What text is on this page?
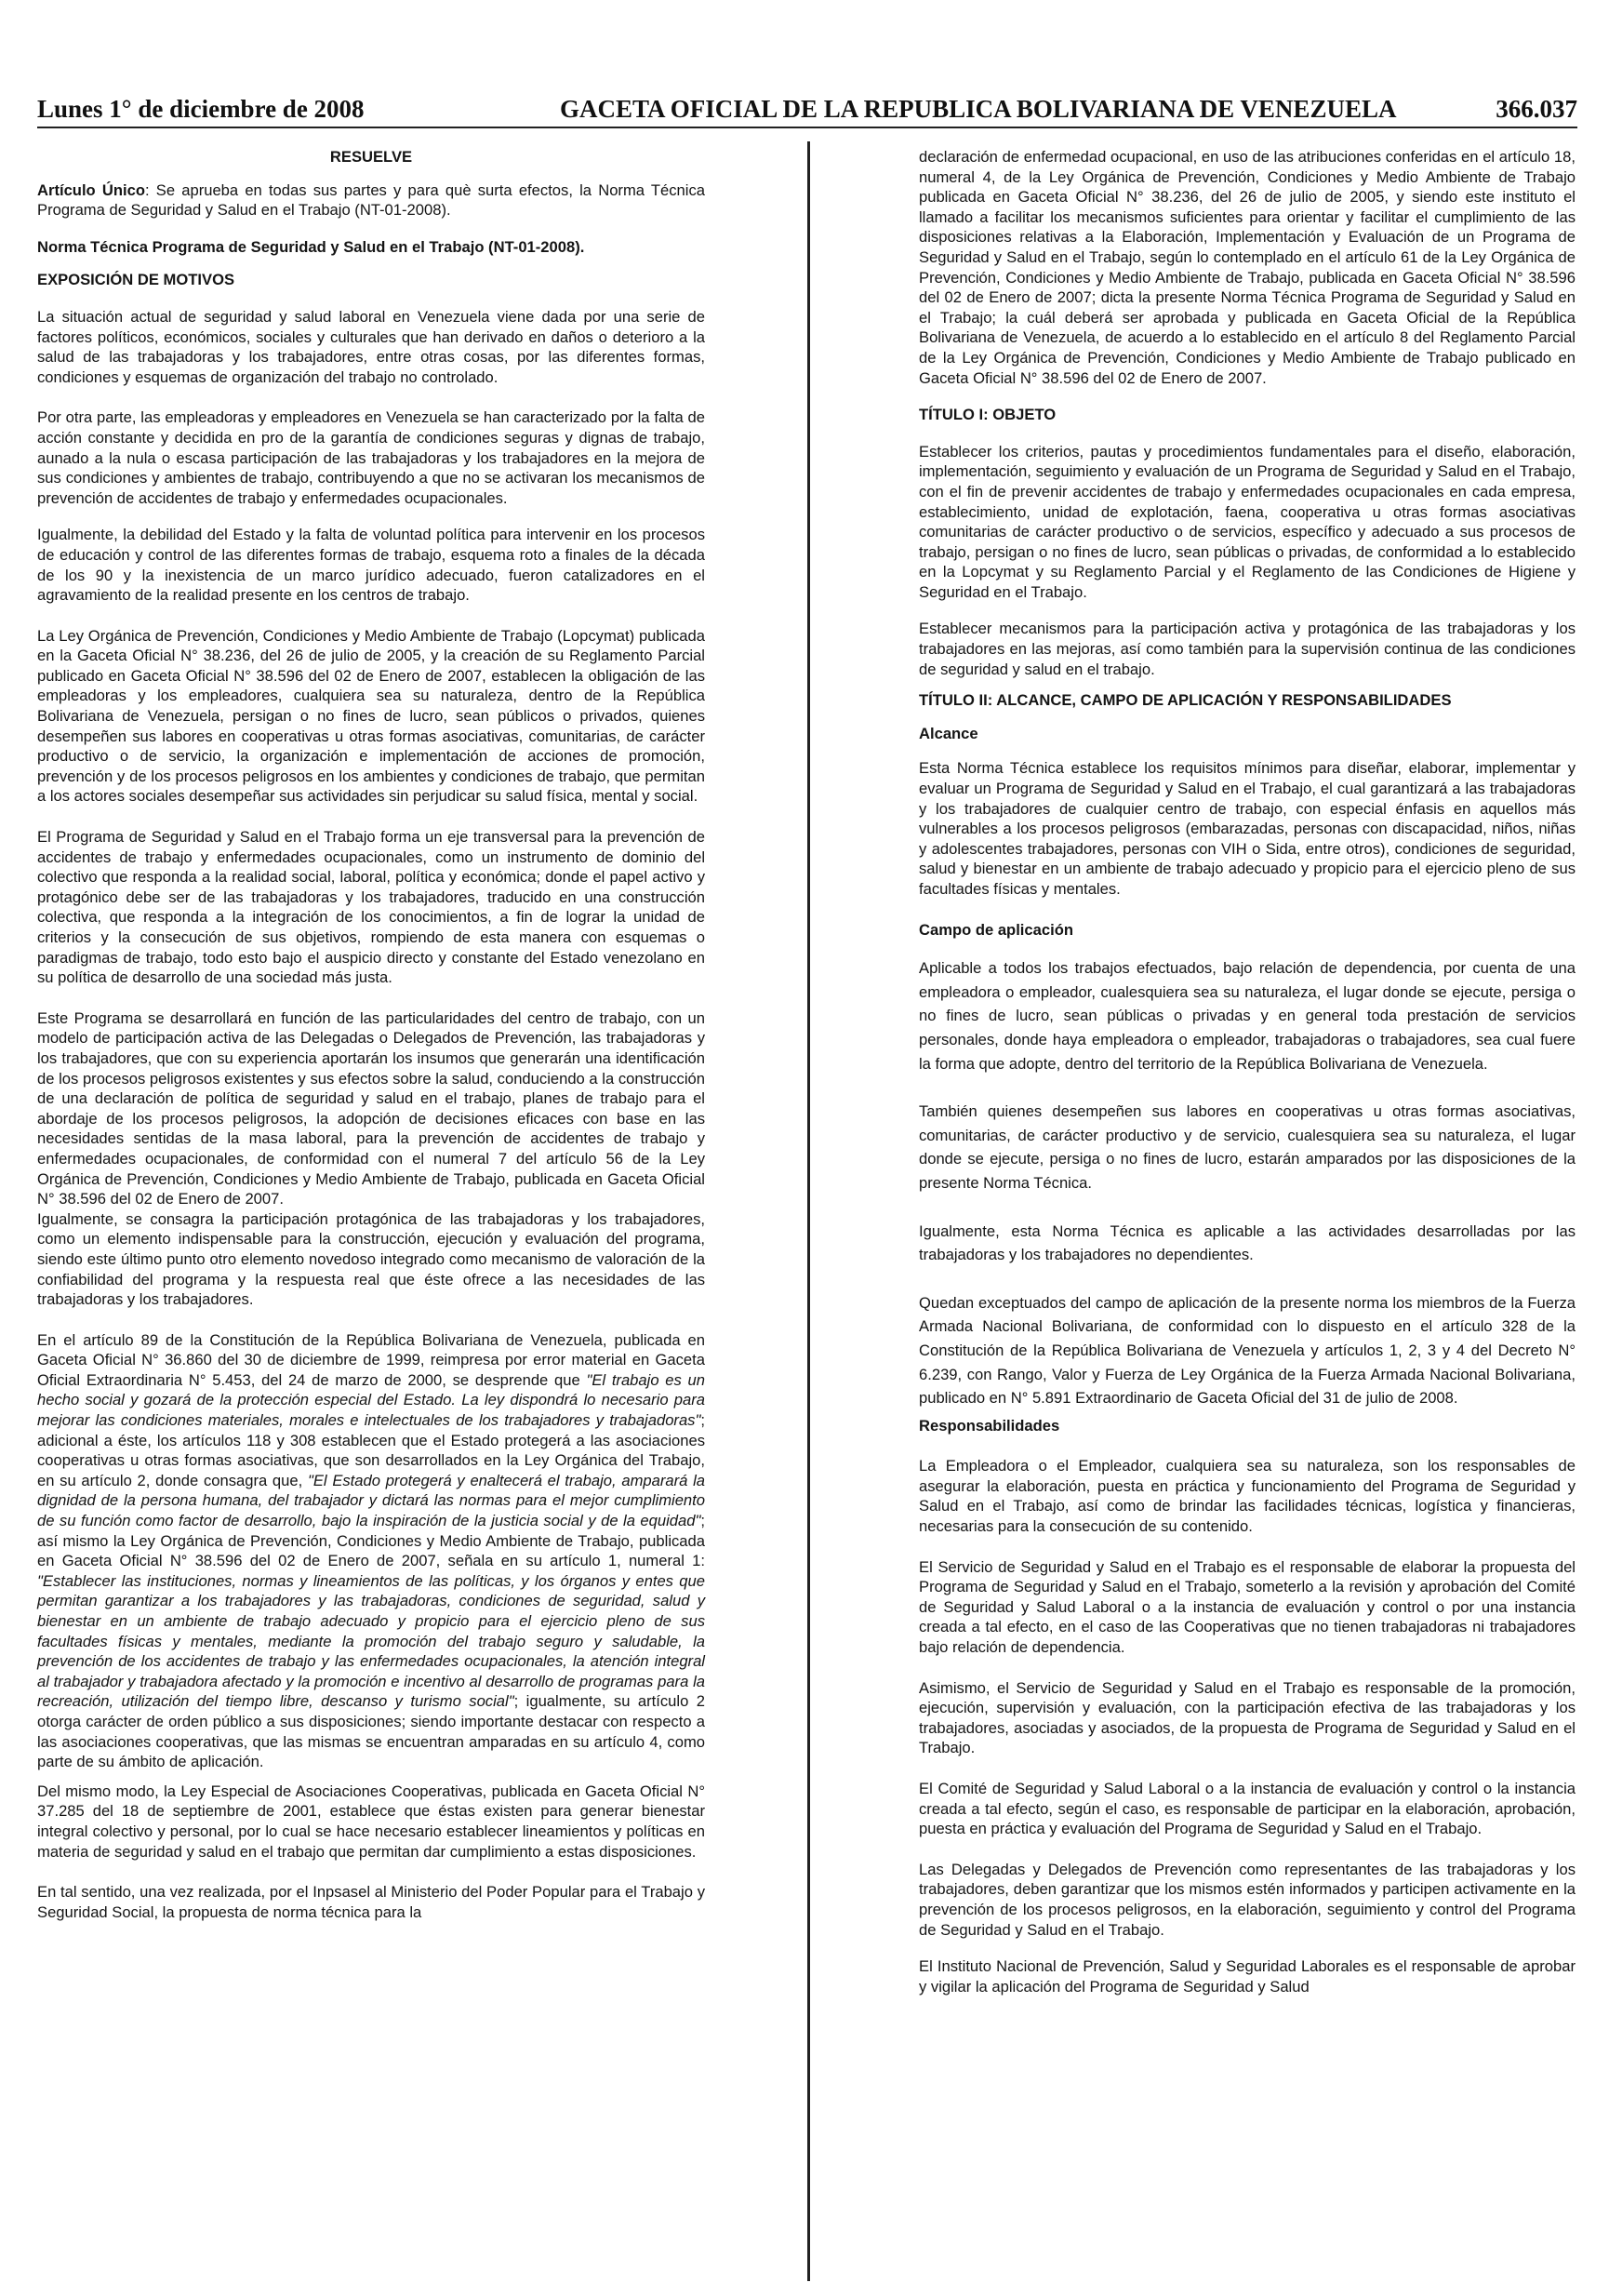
Lunes 1° de diciembre de 2008	GACETA OFICIAL DE LA REPUBLICA BOLIVARIANA DE VENEZUELA	366.037

RESUELVE

Artículo Único: Se aprueba en todas sus partes y para què surta efectos, la Norma Técnica Programa de Seguridad y Salud en el Trabajo (NT-01-2008).

Norma Técnica Programa de Seguridad y Salud en el Trabajo (NT-01-2008).

EXPOSICIÓN DE MOTIVOS

La situación actual de seguridad y salud laboral en Venezuela viene dada por una serie de factores políticos, económicos, sociales y culturales que han derivado en daños o deterioro a la salud de las trabajadoras y los trabajadores, entre otras cosas, por las diferentes formas, condiciones y esquemas de organización del trabajo no controlado.

Por otra parte, las empleadoras y empleadores en Venezuela se han caracterizado por la falta de acción constante y decidida en pro de la garantía de condiciones seguras y dignas de trabajo, aunado a la nula o escasa participación de las trabajadoras y los trabajadores en la mejora de sus condiciones y ambientes de trabajo, contribuyendo a que no se activaran los mecanismos de prevención de accidentes de trabajo y enfermedades ocupacionales.

Igualmente, la debilidad del Estado y la falta de voluntad política para intervenir en los procesos de educación y control de las diferentes formas de trabajo, esquema roto a finales de la década de los 90 y la inexistencia de un marco jurídico adecuado, fueron catalizadores en el agravamiento de la realidad presente en los centros de trabajo.

La Ley Orgánica de Prevención, Condiciones y Medio Ambiente de Trabajo (Lopcymat) publicada en la Gaceta Oficial N° 38.236, del 26 de julio de 2005, y la creación de su Reglamento Parcial publicado en Gaceta Oficial N° 38.596 del 02 de Enero de 2007, establecen la obligación de las empleadoras y los empleadores, cualquiera sea su naturaleza, dentro de la República Bolivariana de Venezuela, persigan o no fines de lucro, sean públicos o privados, quienes desempeñen sus labores en cooperativas u otras formas asociativas, comunitarias, de carácter productivo o de servicio, la organización e implementación de acciones de promoción, prevención y de los procesos peligrosos en los ambientes y condiciones de trabajo, que permitan a los actores sociales desempeñar sus actividades sin perjudicar su salud física, mental y social.

El Programa de Seguridad y Salud en el Trabajo forma un eje transversal para la prevención de accidentes de trabajo y enfermedades ocupacionales, como un instrumento de dominio del colectivo que responda a la realidad social, laboral, política y económica; donde el papel activo y protagónico debe ser de las trabajadoras y los trabajadores, traducido en una construcción colectiva, que responda a la integración de los conocimientos, a fin de lograr la unidad de criterios y la consecución de sus objetivos, rompiendo de esta manera con esquemas o paradigmas de trabajo, todo esto bajo el auspicio directo y constante del Estado venezolano en su política de desarrollo de una sociedad más justa.

Este Programa se desarrollará en función de las particularidades del centro de trabajo, con un modelo de participación activa de las Delegadas o Delegados de Prevención, las trabajadoras y los trabajadores, que con su experiencia aportarán los insumos que generarán una identificación de los procesos peligrosos existentes y sus efectos sobre la salud, conduciendo a la construcción de una declaración de política de seguridad y salud en el trabajo, planes de trabajo para el abordaje de los procesos peligrosos, la adopción de decisiones eficaces con base en las necesidades sentidas de la masa laboral, para la prevención de accidentes de trabajo y enfermedades ocupacionales, de conformidad con el numeral 7 del artículo 56 de la Ley Orgánica de Prevención, Condiciones y Medio Ambiente de Trabajo, publicada en Gaceta Oficial N° 38.596 del 02 de Enero de 2007.

Igualmente, se consagra la participación protagónica de las trabajadoras y los trabajadores, como un elemento indispensable para la construcción, ejecución y evaluación del programa, siendo este último punto otro elemento novedoso integrado como mecanismo de valoración de la confiabilidad del programa y la respuesta real que éste ofrece a las necesidades de las trabajadoras y los trabajadores.

En el artículo 89 de la Constitución de la República Bolivariana de Venezuela, publicada en Gaceta Oficial N° 36.860 del 30 de diciembre de 1999, reimpresa por error material en Gaceta Oficial Extraordinaria N° 5.453, del 24 de marzo de 2000, se desprende que "El trabajo es un hecho social y gozará de la protección especial del Estado. La ley dispondrá lo necesario para mejorar las condiciones materiales, morales e intelectuales de los trabajadores y trabajadoras"; adicional a éste, los artículos 118 y 308 establecen que el Estado protegerá a las asociaciones cooperativas u otras formas asociativas, que son desarrollados en la Ley Orgánica del Trabajo, en su artículo 2, donde consagra que, "El Estado protegerá y enaltecerá el trabajo, amparará la dignidad de la persona humana, del trabajador y dictará las normas para el mejor cumplimiento de su función como factor de desarrollo, bajo la inspiración de la justicia social y de la equidad"; así mismo la Ley Orgánica de Prevención, Condiciones y Medio Ambiente de Trabajo, publicada en Gaceta Oficial N° 38.596 del 02 de Enero de 2007, señala en su artículo 1, numeral 1: "Establecer las instituciones, normas y lineamientos de las políticas, y los órganos y entes que permitan garantizar a los trabajadores y las trabajadoras, condiciones de seguridad, salud y bienestar en un ambiente de trabajo adecuado y propicio para el ejercicio pleno de sus facultades físicas y mentales, mediante la promoción del trabajo seguro y saludable, la prevención de los accidentes de trabajo y las enfermedades ocupacionales, la atención integral al trabajador y trabajadora afectado y la promoción e incentivo al desarrollo de programas para la recreación, utilización del tiempo libre, descanso y turismo social"; igualmente, su artículo 2 otorga carácter de orden público a sus disposiciones; siendo importante destacar con respecto a las asociaciones cooperativas, que las mismas se encuentran amparadas en su artículo 4, como parte de su ámbito de aplicación.

Del mismo modo, la Ley Especial de Asociaciones Cooperativas, publicada en Gaceta Oficial N° 37.285 del 18 de septiembre de 2001, establece que éstas existen para generar bienestar integral colectivo y personal, por lo cual se hace necesario establecer lineamientos y políticas en materia de seguridad y salud en el trabajo que permitan dar cumplimiento a estas disposiciones.

En tal sentido, una vez realizada, por el Inpsasel al Ministerio del Poder Popular para el Trabajo y Seguridad Social, la propuesta de norma técnica para la

declaración de enfermedad ocupacional, en uso de las atribuciones conferidas en el artículo 18, numeral 4, de la Ley Orgánica de Prevención, Condiciones y Medio Ambiente de Trabajo publicada en Gaceta Oficial N° 38.236, del 26 de julio de 2005, y siendo este instituto el llamado a facilitar los mecanismos suficientes para orientar y facilitar el cumplimiento de las disposiciones relativas a la Elaboración, Implementación y Evaluación de un Programa de Seguridad y Salud en el Trabajo, según lo contemplado en el artículo 61 de la Ley Orgánica de Prevención, Condiciones y Medio Ambiente de Trabajo, publicada en Gaceta Oficial N° 38.596 del 02 de Enero de 2007; dicta la presente Norma Técnica Programa de Seguridad y Salud en el Trabajo; la cuál deberá ser aprobada y publicada en Gaceta Oficial de la República Bolivariana de Venezuela, de acuerdo a lo establecido en el artículo 8 del Reglamento Parcial de la Ley Orgánica de Prevención, Condiciones y Medio Ambiente de Trabajo publicado en Gaceta Oficial N° 38.596 del 02 de Enero de 2007.

TÍTULO I: OBJETO

Establecer los criterios, pautas y procedimientos fundamentales para el diseño, elaboración, implementación, seguimiento y evaluación de un Programa de Seguridad y Salud en el Trabajo, con el fin de prevenir accidentes de trabajo y enfermedades ocupacionales en cada empresa, establecimiento, unidad de explotación, faena, cooperativa u otras formas asociativas comunitarias de carácter productivo o de servicios, específico y adecuado a sus procesos de trabajo, persigan o no fines de lucro, sean públicas o privadas, de conformidad a lo establecido en la Lopcymat y su Reglamento Parcial y el Reglamento de las Condiciones de Higiene y Seguridad en el Trabajo.

Establecer mecanismos para la participación activa y protagónica de las trabajadoras y los trabajadores en las mejoras, así como también para la supervisión continua de las condiciones de seguridad y salud en el trabajo.

TÍTULO II: ALCANCE, CAMPO DE APLICACIÓN Y RESPONSABILIDADES

Alcance

Esta Norma Técnica establece los requisitos mínimos para diseñar, elaborar, implementar y evaluar un Programa de Seguridad y Salud en el Trabajo, el cual garantizará a las trabajadoras y los trabajadores de cualquier centro de trabajo, con especial énfasis en aquellos más vulnerables a los procesos peligrosos (embarazadas, personas con discapacidad, niños, niñas y adolescentes trabajadores, personas con VIH o Sida, entre otros), condiciones de seguridad, salud y bienestar en un ambiente de trabajo adecuado y propicio para el ejercicio pleno de sus facultades físicas y mentales.

Campo de aplicación

Aplicable a todos los trabajos efectuados, bajo relación de dependencia, por cuenta de una empleadora o empleador, cualesquiera sea su naturaleza, el lugar donde se ejecute, persiga o no fines de lucro, sean públicas o privadas y en general toda prestación de servicios personales, donde haya empleadora o empleador, trabajadoras o trabajadores, sea cual fuere la forma que adopte, dentro del territorio de la República Bolivariana de Venezuela.

También quienes desempeñen sus labores en cooperativas u otras formas asociativas, comunitarias, de carácter productivo y de servicio, cualesquiera sea su naturaleza, el lugar donde se ejecute, persiga o no fines de lucro, estarán amparados por las disposiciones de la presente Norma Técnica.

Igualmente, esta Norma Técnica es aplicable a las actividades desarrolladas por las trabajadoras y los trabajadores no dependientes.

Quedan exceptuados del campo de aplicación de la presente norma los miembros de la Fuerza Armada Nacional Bolivariana, de conformidad con lo dispuesto en el artículo 328 de la Constitución de la República Bolivariana de Venezuela y artículos 1, 2, 3 y 4 del Decreto N° 6.239, con Rango, Valor y Fuerza de Ley Orgánica de la Fuerza Armada Nacional Bolivariana, publicado en N° 5.891 Extraordinario de Gaceta Oficial del 31 de julio de 2008.

Responsabilidades

La Empleadora o el Empleador, cualquiera sea su naturaleza, son los responsables de asegurar la elaboración, puesta en práctica y funcionamiento del Programa de Seguridad y Salud en el Trabajo, así como de brindar las facilidades técnicas, logística y financieras, necesarias para la consecución de su contenido.

El Servicio de Seguridad y Salud en el Trabajo es el responsable de elaborar la propuesta del Programa de Seguridad y Salud en el Trabajo, someterlo a la revisión y aprobación del Comité de Seguridad y Salud Laboral o a la instancia de evaluación y control o por una instancia creada a tal efecto, en el caso de las Cooperativas que no tienen trabajadoras ni trabajadores bajo relación de dependencia.

Asimismo, el Servicio de Seguridad y Salud en el Trabajo es responsable de la promoción, ejecución, supervisión y evaluación, con la participación efectiva de las trabajadoras y los trabajadores, asociadas y asociados, de la propuesta de Programa de Seguridad y Salud en el Trabajo.

El Comité de Seguridad y Salud Laboral o a la instancia de evaluación y control o la instancia creada a tal efecto, según el caso, es responsable de participar en la elaboración, aprobación, puesta en práctica y evaluación del Programa de Seguridad y Salud en el Trabajo.

Las Delegadas y Delegados de Prevención como representantes de las trabajadoras y los trabajadores, deben garantizar que los mismos estén informados y participen activamente en la prevención de los procesos peligrosos, en la elaboración, seguimiento y control del Programa de Seguridad y Salud en el Trabajo.

El Instituto Nacional de Prevención, Salud y Seguridad Laborales es el responsable de aprobar y vigilar la aplicación del Programa de Seguridad y Salud
